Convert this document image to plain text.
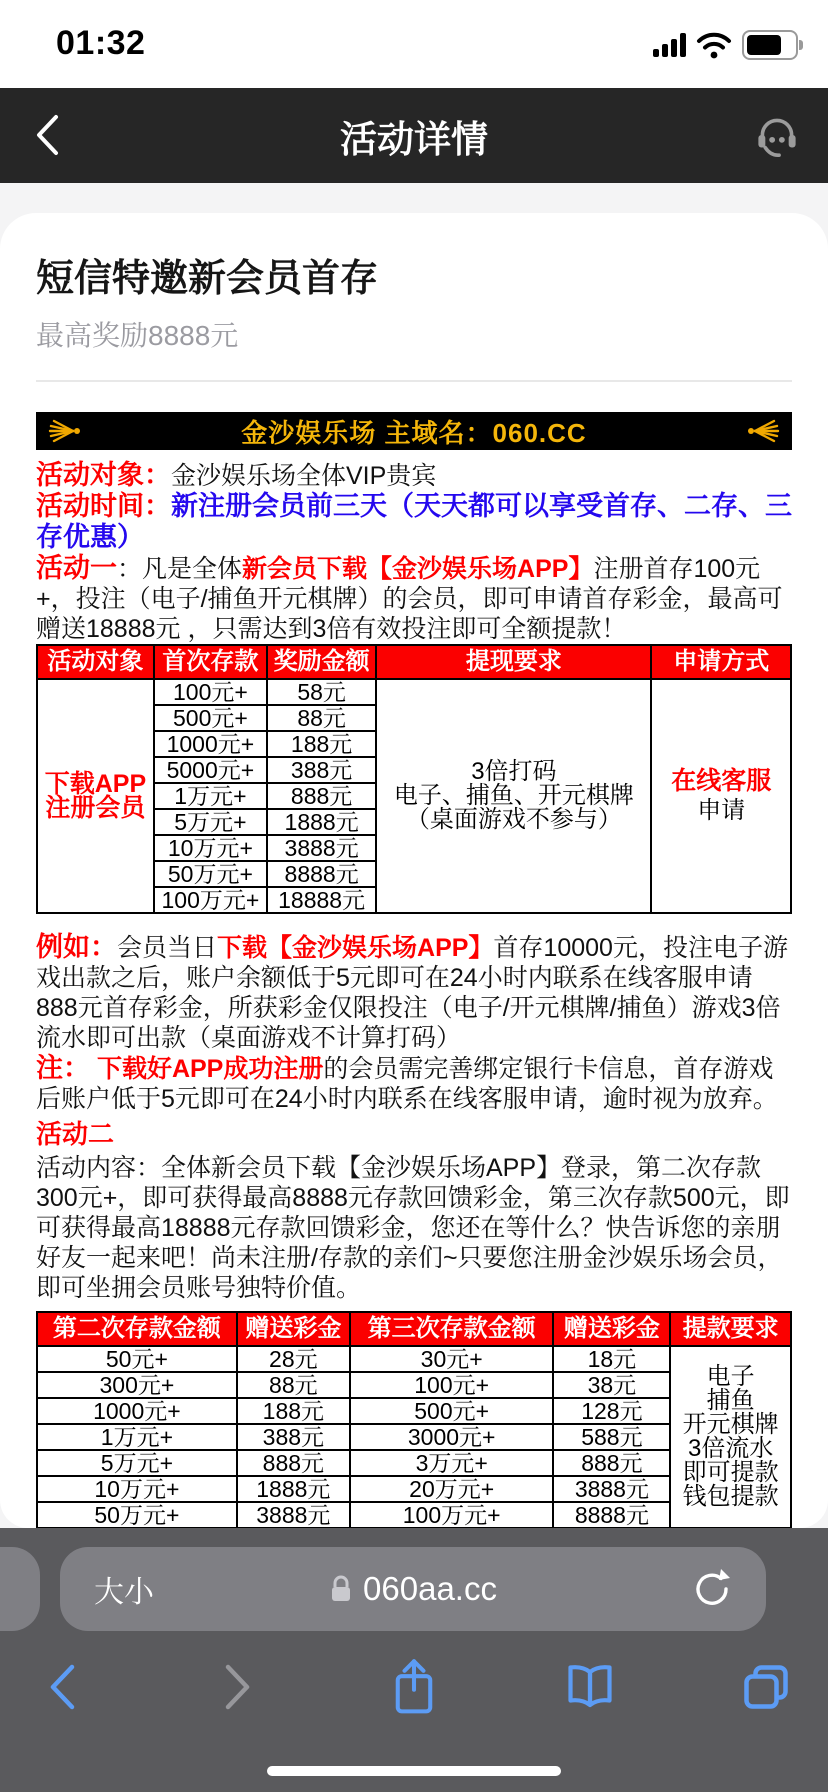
01:32
活动详情
短信特邀新会员首存
最高奖励8888元
金沙娱乐场 主域名：060.CC

活动对象：金沙娱乐场全体VIP贵宾

活动时间：新注册会员前三天（天天都可以享受首存、二存、三存优惠）

活动一：凡是全体新会员下载【金沙娱乐场APP】注册首存100元+，投注（电子/捕鱼开元棋牌）的会员，即可申请首存彩金，最高可赠送18888元 ，只需达到3倍有效投注即可全额提款！

活动对象	首次存款	奖励金额	提现要求	申请方式

下载APP
注册会员
	100元+	58元	
3倍打码
电子、捕鱼、开元棋牌
（桌面游戏不参与）

在线客服
申请

	500元+	88元		
	1000元+	188元		
	5000元+	388元		
	1万元+	888元		
	5万元+	1888元		
	10万元+	3888元		
	50万元+	8888元		
	100万元+	18888元		

例如：会员当日下载【金沙娱乐场APP】首存10000元，投注电子游戏出款之后，账户余额低于5元即可在24小时内联系在线客服申请888元首存彩金，所获彩金仅限投注（电子/开元棋牌/捕鱼）游戏3倍流水即可出款（桌面游戏不计算打码）

注： 下载好APP成功注册的会员需完善绑定银行卡信息，首存游戏后账户低于5元即可在24小时内联系在线客服申请，逾时视为放弃。

活动二

活动内容：全体新会员下载【金沙娱乐场APP】登录，第二次存款300元+，即可获得最高8888元存款回馈彩金，第三次存款500元，即可获得最高18888元存款回馈彩金，您还在等什么？快告诉您的亲朋好友一起来吧！尚未注册/存款的亲们~只要您注册金沙娱乐场会员，即可坐拥会员账号独特价值。

第二次存款金额	赠送彩金	第三次存款金额	赠送彩金	提款要求
50元+	28元	30元+	18元	
电子
捕鱼
开元棋牌
3倍流水
即可提款
钱包提款

300元+	88元	100元+	38元	
1000元+	188元	500元+	128元	
1万元+	388元	3000元+	588元	
5万元+	888元	3万元+	888元	
10万元+	1888元	20万元+	3888元	
50万元+	3888元	100万元+	8888元	

大小	060aa.cc
